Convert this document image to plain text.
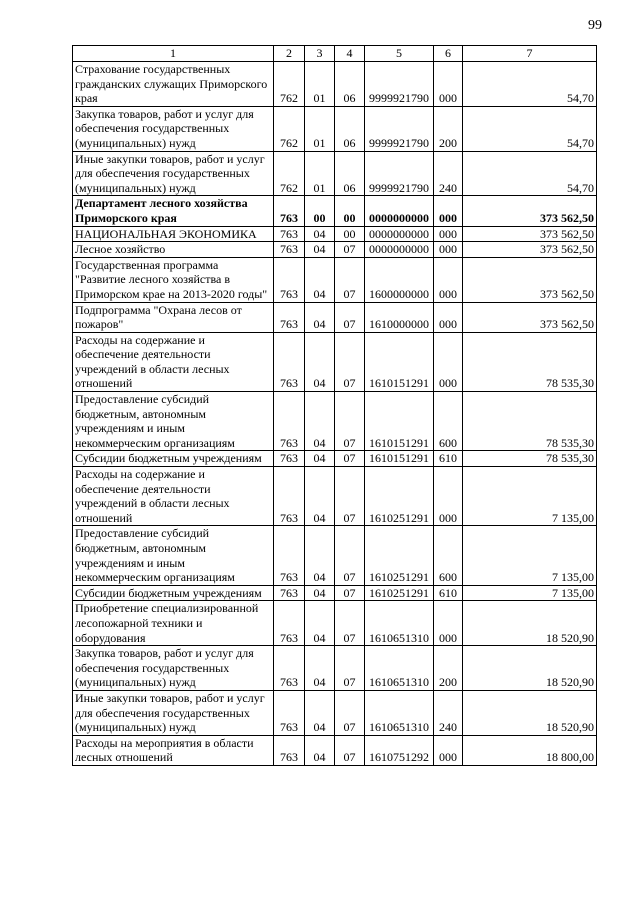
99
1	2	3	4	5	6	7
Страхование государственных гражданских служащих Приморского края	762	01	06	9999921790	000	54,70
Закупка товаров, работ и услуг для обеспечения государственных (муниципальных) нужд	762	01	06	9999921790	200	54,70
Иные закупки товаров, работ и услуг для обеспечения государственных (муниципальных) нужд	762	01	06	9999921790	240	54,70
Департамент лесного хозяйства Приморского края	763	00	00	0000000000	000	373 562,50
НАЦИОНАЛЬНАЯ ЭКОНОМИКА	763	04	00	0000000000	000	373 562,50
Лесное хозяйство	763	04	07	0000000000	000	373 562,50
Государственная программа "Развитие лесного хозяйства в Приморском крае на 2013-2020 годы"	763	04	07	1600000000	000	373 562,50
Подпрограмма "Охрана лесов от пожаров"	763	04	07	1610000000	000	373 562,50
Расходы на содержание и обеспечение деятельности учреждений в области лесных отношений	763	04	07	1610151291	000	78 535,30
Предоставление субсидий бюджетным, автономным учреждениям и иным некоммерческим организациям	763	04	07	1610151291	600	78 535,30
Субсидии бюджетным учреждениям	763	04	07	1610151291	610	78 535,30
Расходы на содержание и обеспечение деятельности учреждений в области лесных отношений	763	04	07	1610251291	000	7 135,00
Предоставление субсидий бюджетным, автономным учреждениям и иным некоммерческим организациям	763	04	07	1610251291	600	7 135,00
Субсидии бюджетным учреждениям	763	04	07	1610251291	610	7 135,00
Приобретение специализированной лесопожарной техники и оборудования	763	04	07	1610651310	000	18 520,90
Закупка товаров, работ и услуг для обеспечения государственных (муниципальных) нужд	763	04	07	1610651310	200	18 520,90
Иные закупки товаров, работ и услуг для обеспечения государственных (муниципальных) нужд	763	04	07	1610651310	240	18 520,90
Расходы на мероприятия в области лесных отношений	763	04	07	1610751292	000	18 800,00
